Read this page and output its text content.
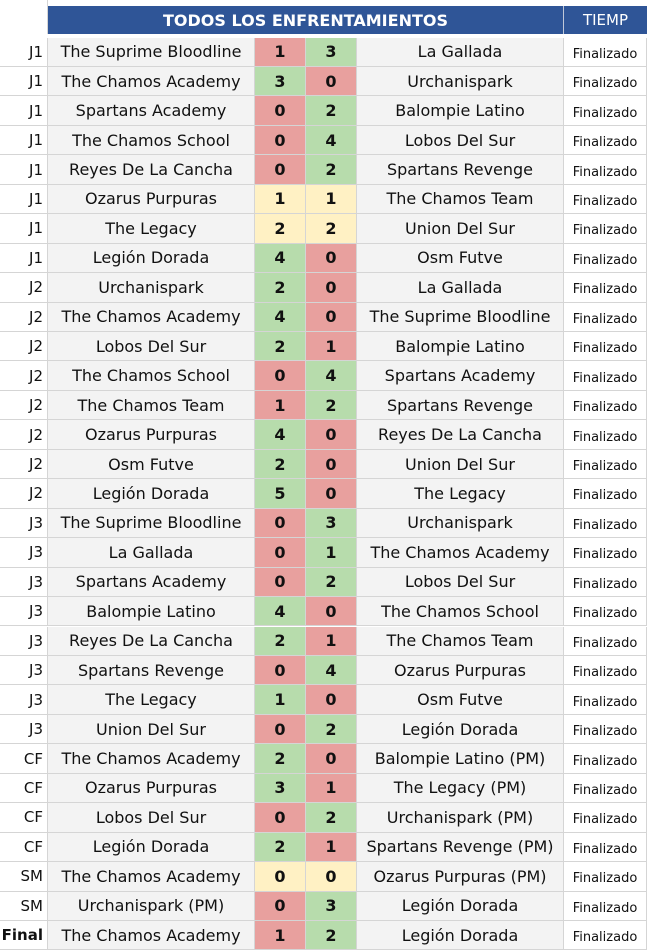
TODOS LOS ENFRENTAMIENTOS	TIEMP
J1	The Suprime Bloodline	1	3	La Gallada	Finalizado
J1	The Chamos Academy	3	0	Urchanispark	Finalizado
J1	Spartans Academy	0	2	Balompie Latino	Finalizado
J1	The Chamos School	0	4	Lobos Del Sur	Finalizado
J1	Reyes De La Cancha	0	2	Spartans Revenge	Finalizado
J1	Ozarus Purpuras	1	1	The Chamos Team	Finalizado
J1	The Legacy	2	2	Union Del Sur	Finalizado
J1	Legión Dorada	4	0	Osm Futve	Finalizado
J2	Urchanispark	2	0	La Gallada	Finalizado
J2	The Chamos Academy	4	0	The Suprime Bloodline	Finalizado
J2	Lobos Del Sur	2	1	Balompie Latino	Finalizado
J2	The Chamos School	0	4	Spartans Academy	Finalizado
J2	The Chamos Team	1	2	Spartans Revenge	Finalizado
J2	Ozarus Purpuras	4	0	Reyes De La Cancha	Finalizado
J2	Osm Futve	2	0	Union Del Sur	Finalizado
J2	Legión Dorada	5	0	The Legacy	Finalizado
J3	The Suprime Bloodline	0	3	Urchanispark	Finalizado
J3	La Gallada	0	1	The Chamos Academy	Finalizado
J3	Spartans Academy	0	2	Lobos Del Sur	Finalizado
J3	Balompie Latino	4	0	The Chamos School	Finalizado
J3	Reyes De La Cancha	2	1	The Chamos Team	Finalizado
J3	Spartans Revenge	0	4	Ozarus Purpuras	Finalizado
J3	The Legacy	1	0	Osm Futve	Finalizado
J3	Union Del Sur	0	2	Legión Dorada	Finalizado
CF	The Chamos Academy	2	0	Balompie Latino (PM)	Finalizado
CF	Ozarus Purpuras	3	1	The Legacy (PM)	Finalizado
CF	Lobos Del Sur	0	2	Urchanispark (PM)	Finalizado
CF	Legión Dorada	2	1	Spartans Revenge (PM)	Finalizado
SM	The Chamos Academy	0	0	Ozarus Purpuras (PM)	Finalizado
SM	Urchanispark (PM)	0	3	Legión Dorada	Finalizado
Final	The Chamos Academy	1	2	Legión Dorada	Finalizado
